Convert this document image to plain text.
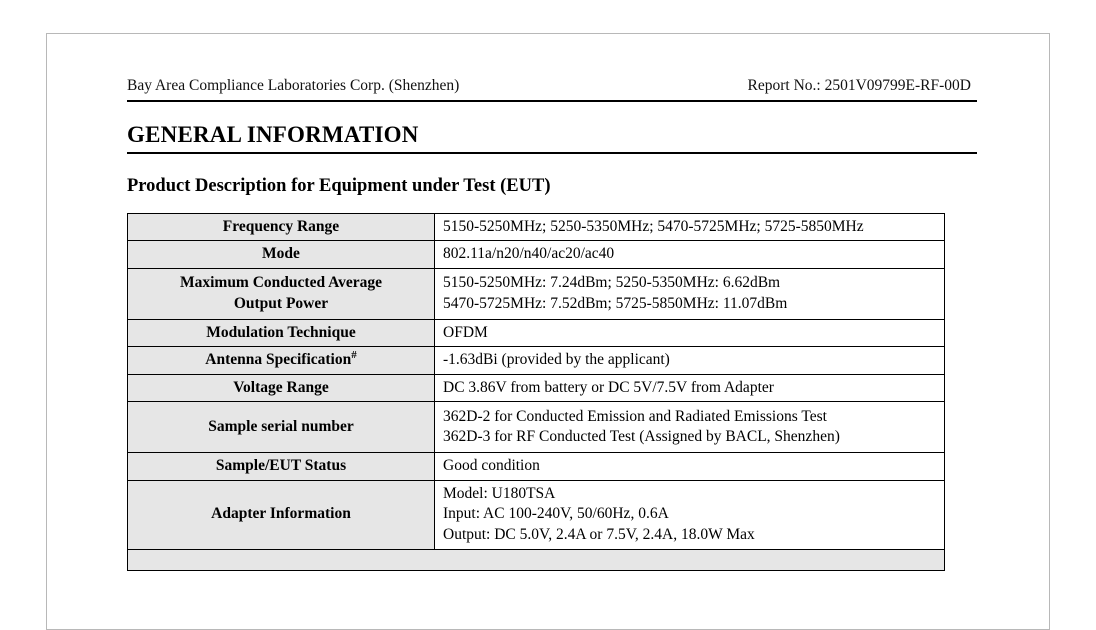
Bay Area Compliance Laboratories Corp. (Shenzhen)	Report No.: 2501V09799E-RF-00D
GENERAL INFORMATION
Product Description for Equipment under Test (EUT)
Frequency Range	5150-5250MHz; 5250-5350MHz; 5470-5725MHz; 5725-5850MHz

Mode	802.11a/n20/n40/ac20/ac40

Maximum Conducted Average
Output Power	5150-5250MHz: 7.24dBm; 5250-5350MHz: 6.62dBm
5470-5725MHz: 7.52dBm; 5725-5850MHz: 11.07dBm

Modulation Technique	OFDM

Antenna Specification#	-1.63dBi (provided by the applicant)

Voltage Range	DC 3.86V from battery or DC 5V/7.5V from Adapter

Sample serial number	362D-2 for Conducted Emission and Radiated Emissions Test
362D-3 for RF Conducted Test (Assigned by BACL, Shenzhen)

Sample/EUT Status	Good condition

Adapter Information	Model: U180TSA
Input: AC 100-240V, 50/60Hz, 0.6A
Output: DC 5.0V, 2.4A or 7.5V, 2.4A, 18.0W Max
